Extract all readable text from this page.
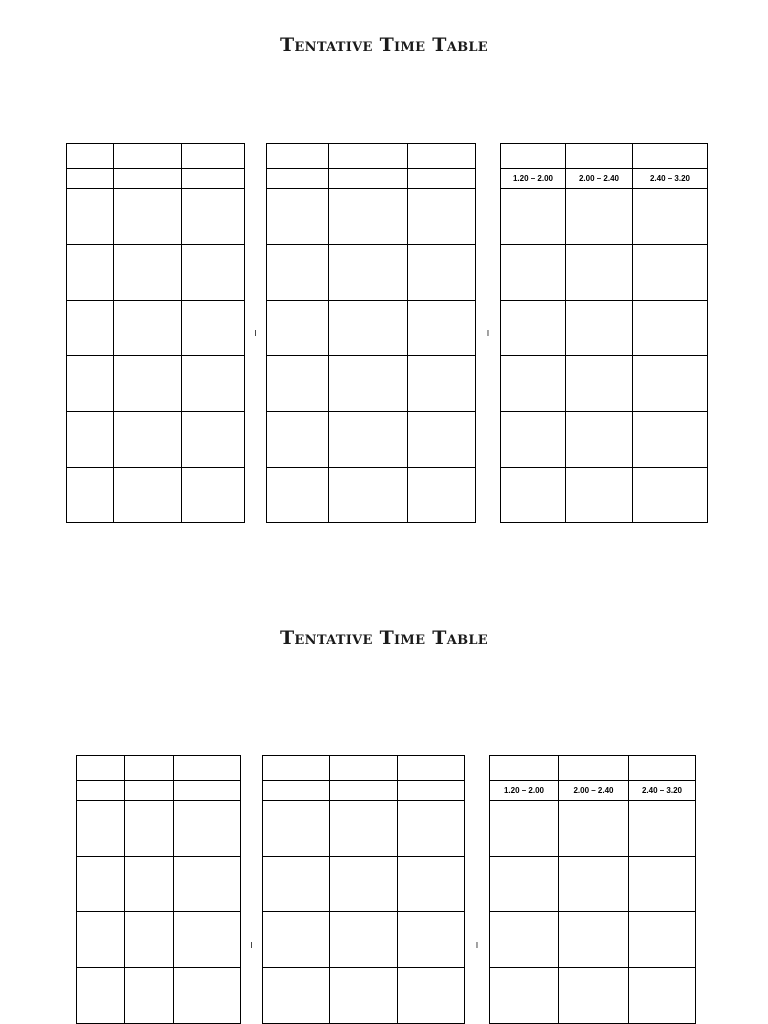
Tentative Time Table
			I				I			
								1.20 – 2.00	2.00 – 2.40	2.40 – 3.20

Tentative Time Table
			I				I			
								1.20 – 2.00	2.00 – 2.40	2.40 – 3.20
